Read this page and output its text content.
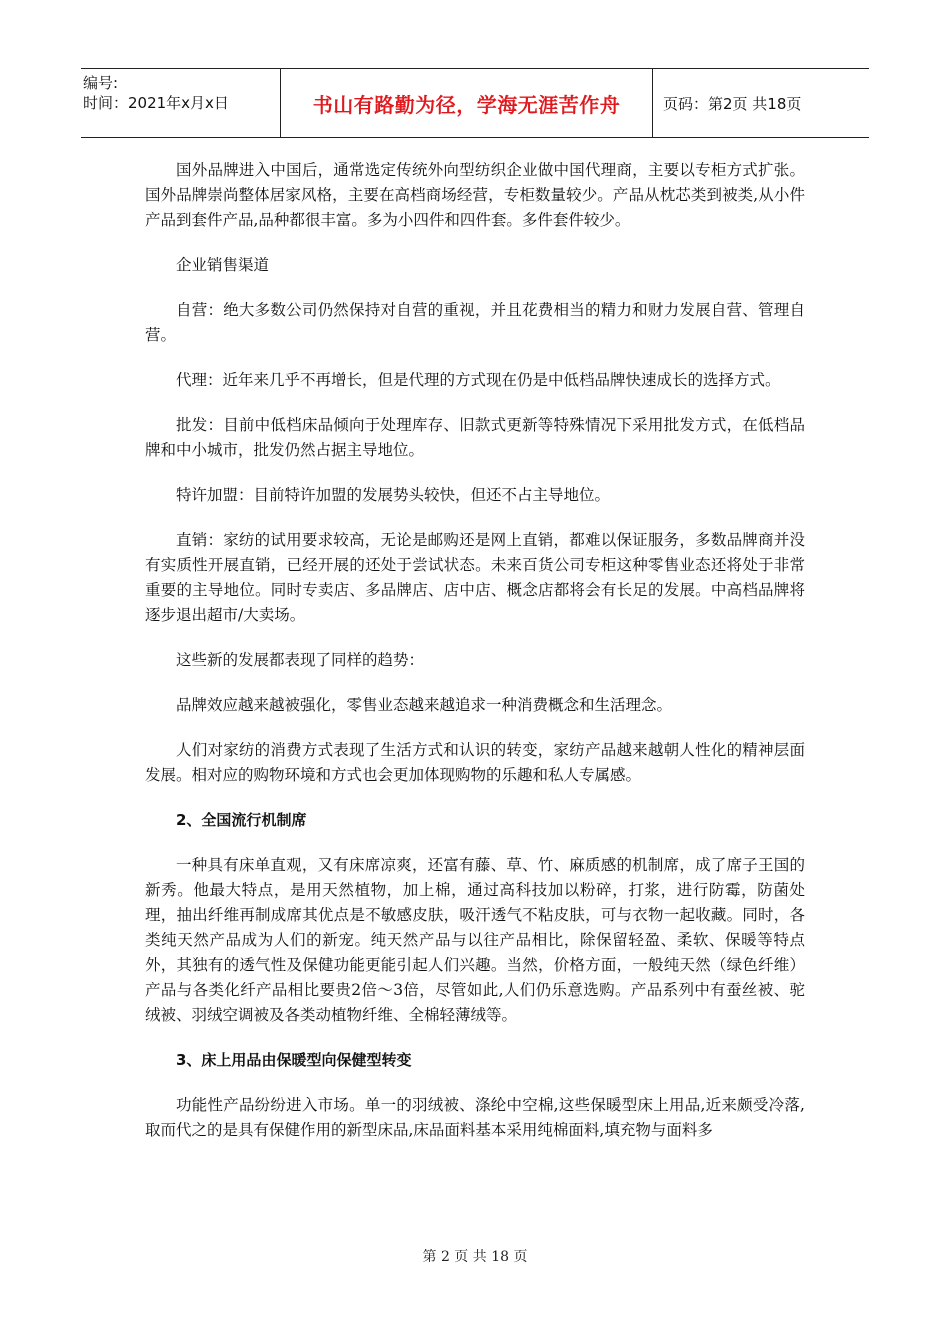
编号:
时间：2021年x月x日	书山有路勤为径，学海无涯苦作舟	页码：第2页 共18页

国外品牌进入中国后，通常选定传统外向型纺织企业做中国代理商，主要以专柜方式扩张。国外品牌崇尚整体居家风格，主要在高档商场经营，专柜数量较少。产品从枕芯类到被类,从小件产品到套件产品,品种都很丰富。多为小四件和四件套。多件套件较少。

企业销售渠道

自营：绝大多数公司仍然保持对自营的重视，并且花费相当的精力和财力发展自营、管理自营。

代理：近年来几乎不再增长，但是代理的方式现在仍是中低档品牌快速成长的选择方式。

批发：目前中低档床品倾向于处理库存、旧款式更新等特殊情况下采用批发方式，在低档品牌和中小城市，批发仍然占据主导地位。

特许加盟：目前特许加盟的发展势头较快，但还不占主导地位。

直销：家纺的试用要求较高，无论是邮购还是网上直销，都难以保证服务，多数品牌商并没有实质性开展直销，已经开展的还处于尝试状态。未来百货公司专柜这种零售业态还将处于非常重要的主导地位。同时专卖店、多品牌店、店中店、概念店都将会有长足的发展。中高档品牌将逐步退出超市/大卖场。

这些新的发展都表现了同样的趋势：

品牌效应越来越被强化，零售业态越来越追求一种消费概念和生活理念。

人们对家纺的消费方式表现了生活方式和认识的转变，家纺产品越来越朝人性化的精神层面发展。相对应的购物环境和方式也会更加体现购物的乐趣和私人专属感。

2、全国流行机制席

一种具有床单直观，又有床席凉爽，还富有藤、草、竹、麻质感的机制席，成了席子王国的新秀。他最大特点，是用天然植物，加上棉，通过高科技加以粉碎，打浆，进行防霉，防菌处理，抽出纤维再制成席其优点是不敏感皮肤，吸汗透气不粘皮肤，可与衣物一起收藏。同时，各类纯天然产品成为人们的新宠。纯天然产品与以往产品相比，除保留轻盈、柔软、保暖等特点外，其独有的透气性及保健功能更能引起人们兴趣。当然，价格方面，一般纯天然（绿色纤维）产品与各类化纤产品相比要贵2倍～3倍，尽管如此,人们仍乐意选购。产品系列中有蚕丝被、驼绒被、羽绒空调被及各类动植物纤维、全棉轻薄绒等。

3、床上用品由保暖型向保健型转变

功能性产品纷纷进入市场。单一的羽绒被、涤纶中空棉,这些保暖型床上用品,近来颇受冷落,取而代之的是具有保健作用的新型床品,床品面料基本采用纯棉面料,填充物与面料多

第 2 页 共 18 页
